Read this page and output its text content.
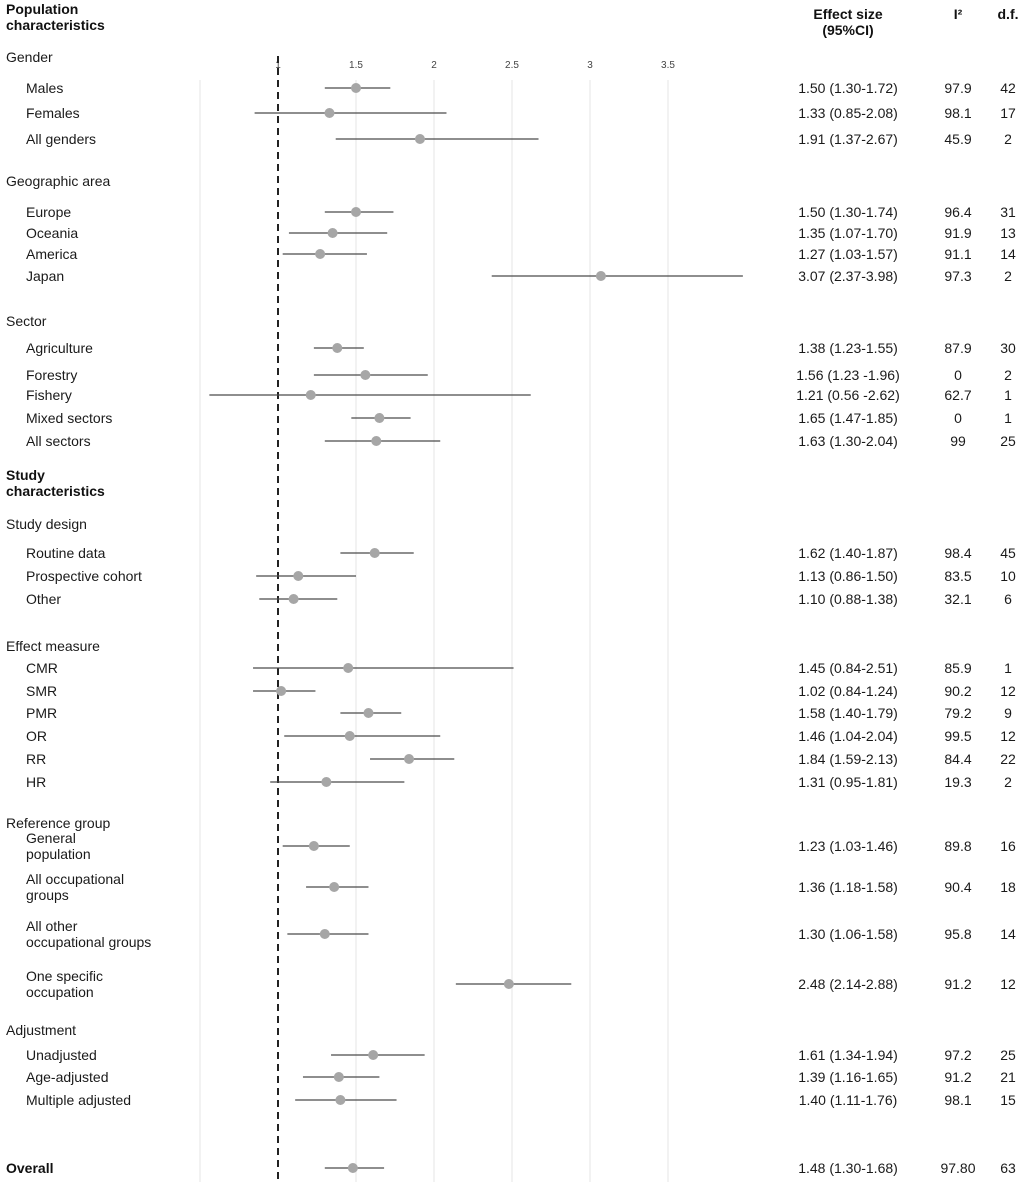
1	1.5	2	2.5	3	3.5
Effect size (95%CI)
I²	d.f.
Population characteristics
Gender
Males	1.50 (1.30-1.72)	97.9 42
Females	1.33 (0.85-2.08)	98.1 17
All genders	1.91 (1.37-2.67)	45.9 2
Geographic area
Europe	1.50 (1.30-1.74)	96.4 31
Oceania	1.35 (1.07-1.70)	91.9 13
America	1.27 (1.03-1.57)	91.1 14
Japan	3.07 (2.37-3.98)	97.3 2
Sector
Agriculture	1.38 (1.23-1.55)	87.9 30
Forestry	1.56 (1.23 -1.96)	0	2
Fishery	1.21 (0.56 -2.62)	62.7 1
Mixed sectors	1.65 (1.47-1.85)	0	1
All sectors	1.63 (1.30-2.04)	99 25
Study characteristics
Study design
Routine data	1.62 (1.40-1.87)	98.4 45
Prospective cohort	1.13 (0.86-1.50)	83.5 10
Other	1.10 (0.88-1.38)	32.1 6
Effect measure
CMR	1.45 (0.84-2.51)	85.9 1
SMR	1.02 (0.84-1.24)	90.2 12
PMR	1.58 (1.40-1.79)	79.2 9
OR	1.46 (1.04-2.04)	99.5 12
RR	1.84 (1.59-2.13)	84.4 22
HR	1.31 (0.95-1.81)	19.3 2
Reference group
General population	1.23 (1.03-1.46)	89.8 16
All occupational groups	1.36 (1.18-1.58)	90.4 18
All other occupational groups	1.30 (1.06-1.58)	95.8 14
One specific occupation	2.48 (2.14-2.88)	91.2 12
Adjustment
Unadjusted	1.61 (1.34-1.94)	97.2 25
Age-adjusted	1.39 (1.16-1.65)	91.2 21
Multiple adjusted	1.40 (1.11-1.76)	98.1 15
Overall	1.48 (1.30-1.68)	97.80 63
